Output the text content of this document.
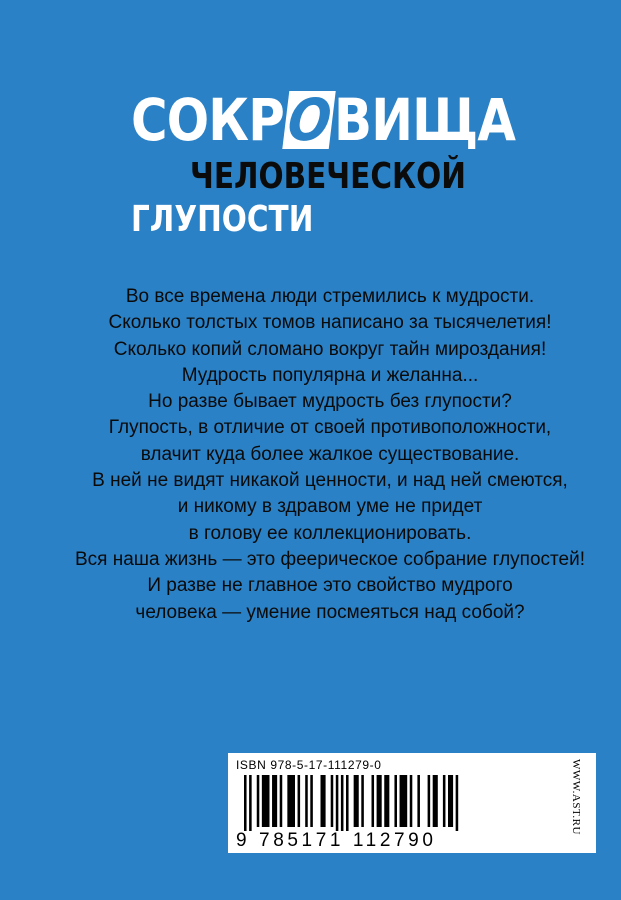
СОКРОВИЩА
ЧЕЛОВЕЧЕСКОЙ
ГЛУПОСТИ
Во все времена люди стремились к мудрости.
Сколько толстых томов написано за тысячелетия!
Сколько копий сломано вокруг тайн мироздания!
Мудрость популярна и желанна...
Но разве бывает мудрость без глупости?
Глупость, в отличие от своей противоположности,
влачит куда более жалкое существование.
В ней не видят никакой ценности, и над ней смеются,
и никому в здравом уме не придет
в голову ее коллекционировать.
Вся наша жизнь — это феерическое собрание глупостей!
И разве не главное это свойство мудрого
человека — умение посмеяться над собой?
ISBN 978-5-17-111279-0
9 785171 112790
WWW.AST.RU
